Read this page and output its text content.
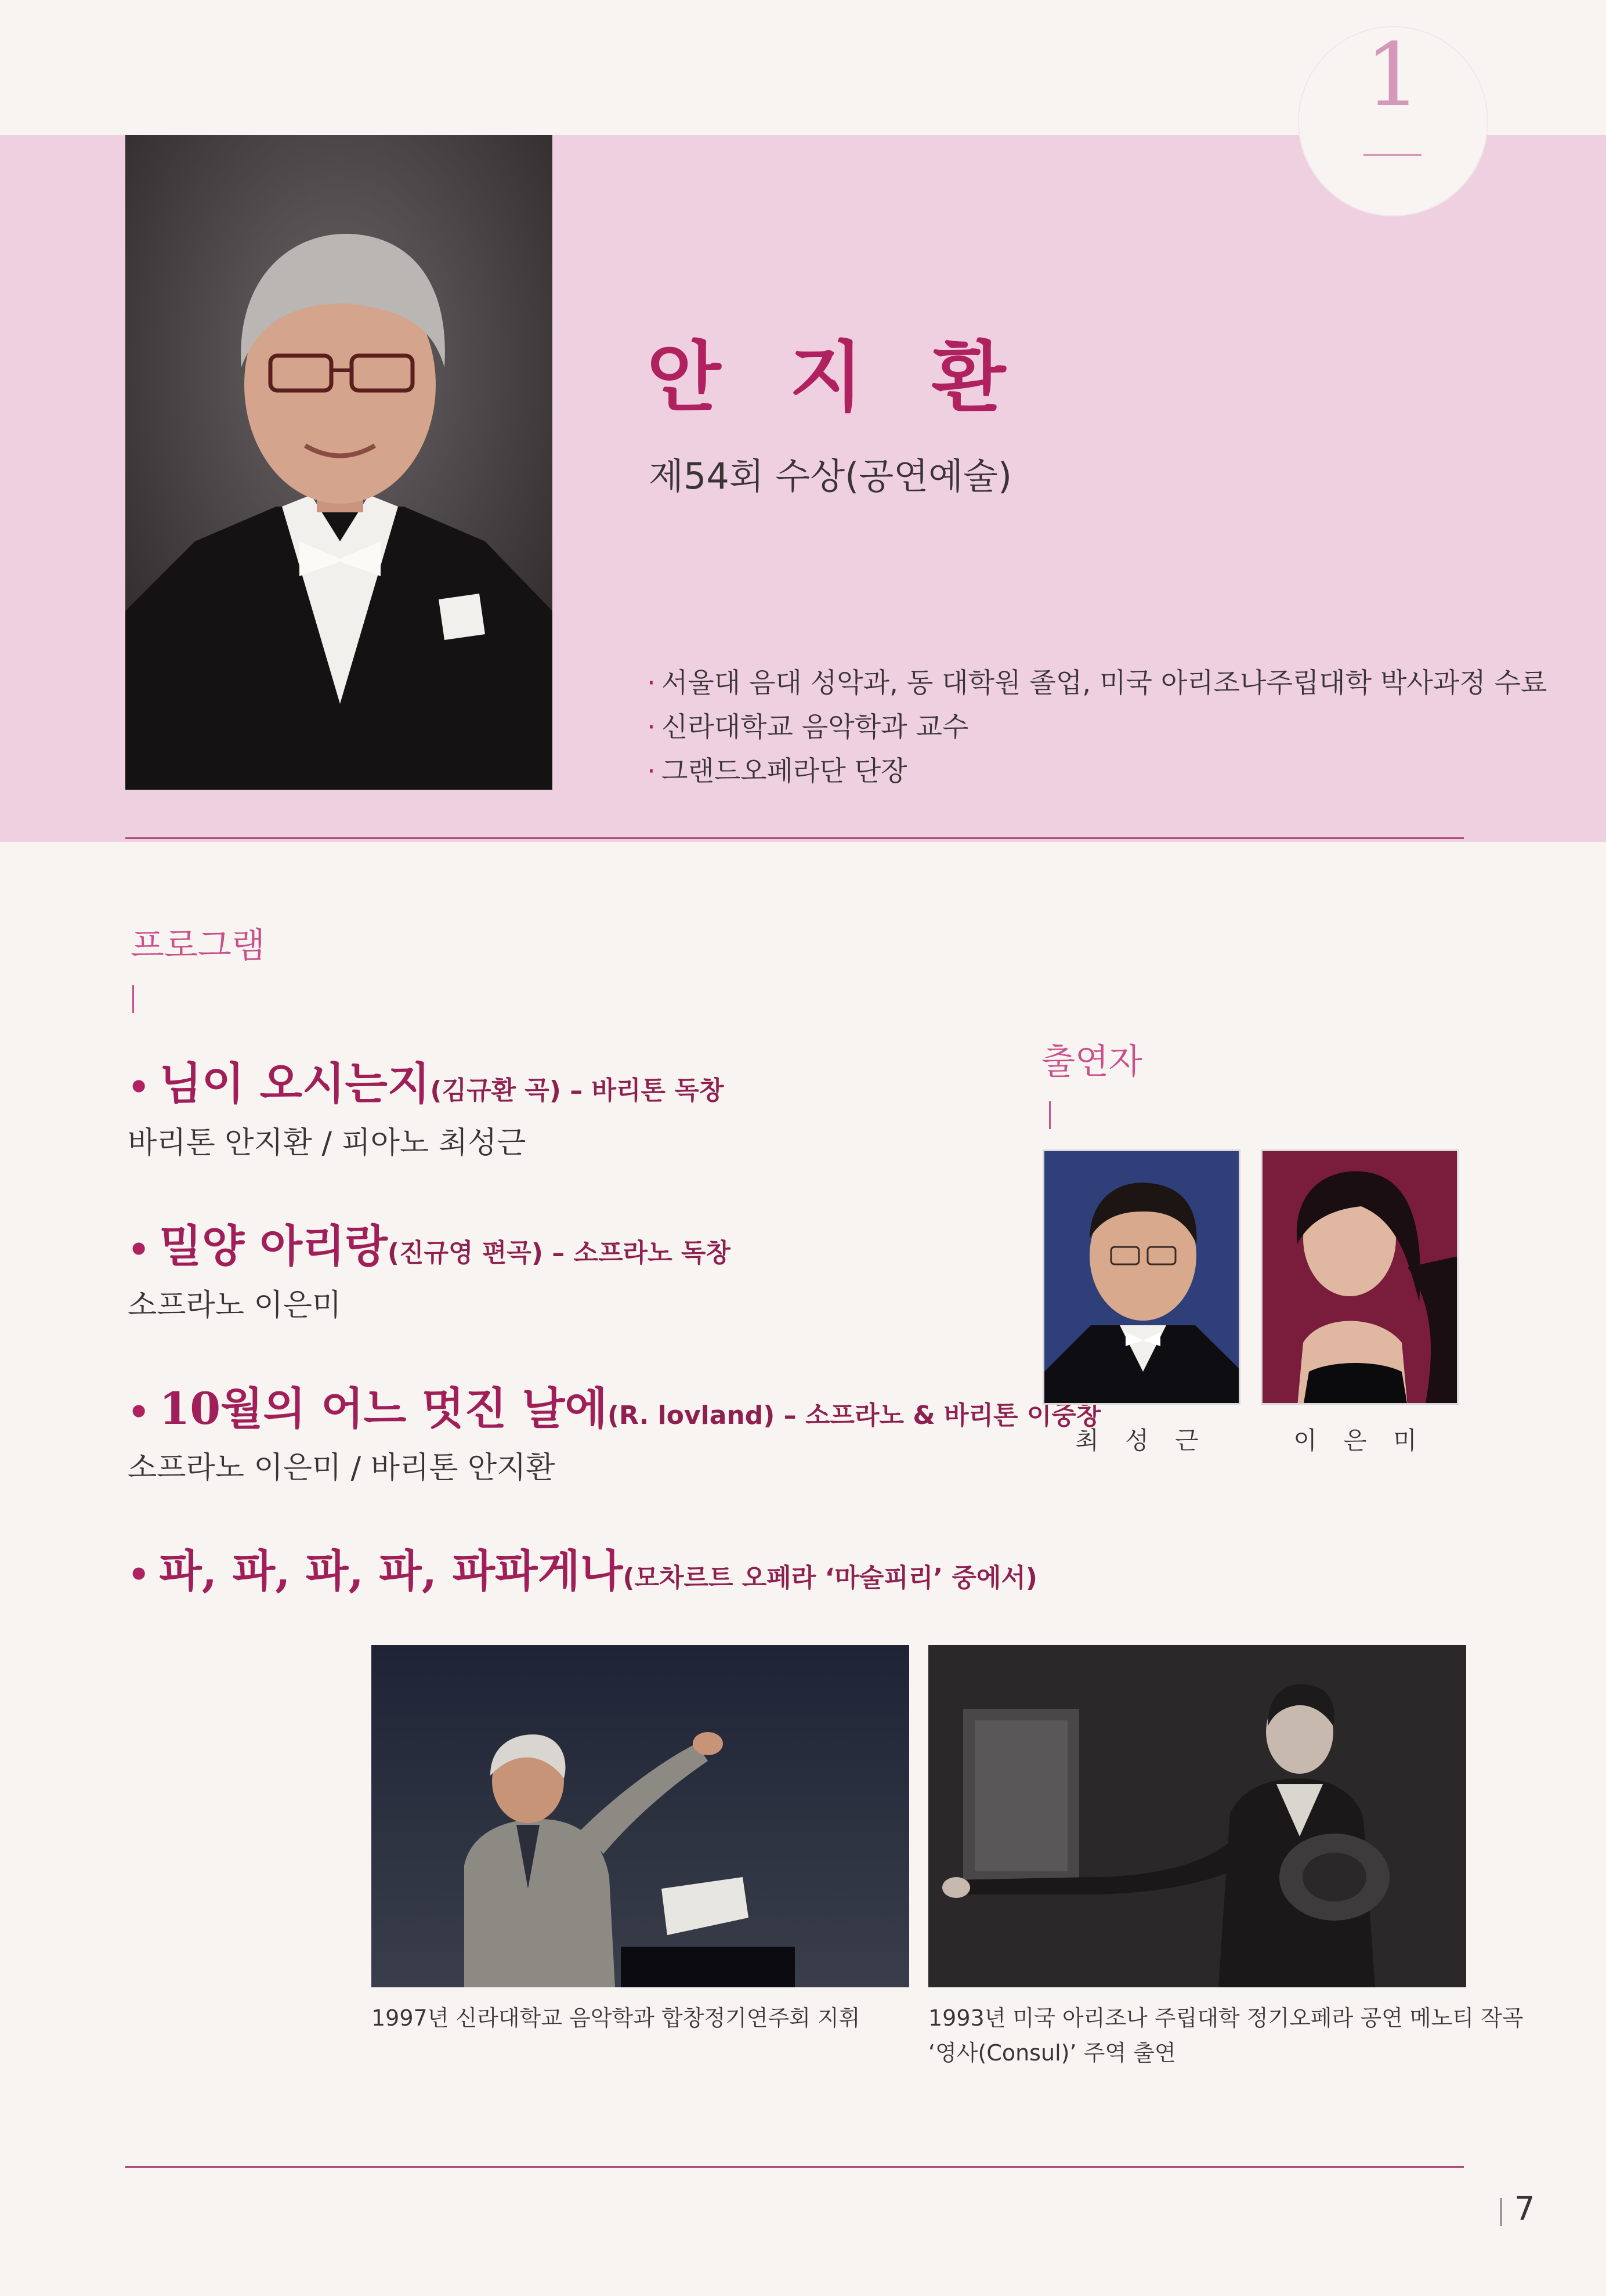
1
안 지 환
제54회 수상(공연예술)
· 서울대 음대 성악과, 동 대학원 졸업, 미국 아리조나주립대학 박사과정 수료
· 신라대학교 음악학과 교수
· 그랜드오페라단 단장
프로그램
• 님이 오시는지(김규환 곡) – 바리톤 독창
바리톤 안지환 / 피아노 최성근
• 밀양 아리랑(진규영 편곡) – 소프라노 독창
소프라노 이은미
• 10월의 어느 멋진 날에(R. lovland) – 소프라노 & 바리톤 이중창
소프라노 이은미 / 바리톤 안지환
• 파, 파, 파, 파, 파파게나(모차르트 오페라 ‘마술피리’ 중에서)
출연자
최 성 근	이 은 미
1997년 신라대학교 음악학과 합창정기연주회 지휘	1993년 미국 아리조나 주립대학 정기오페라 공연 메노티 작곡
‘영사(Consul)’ 주역 출연
7
